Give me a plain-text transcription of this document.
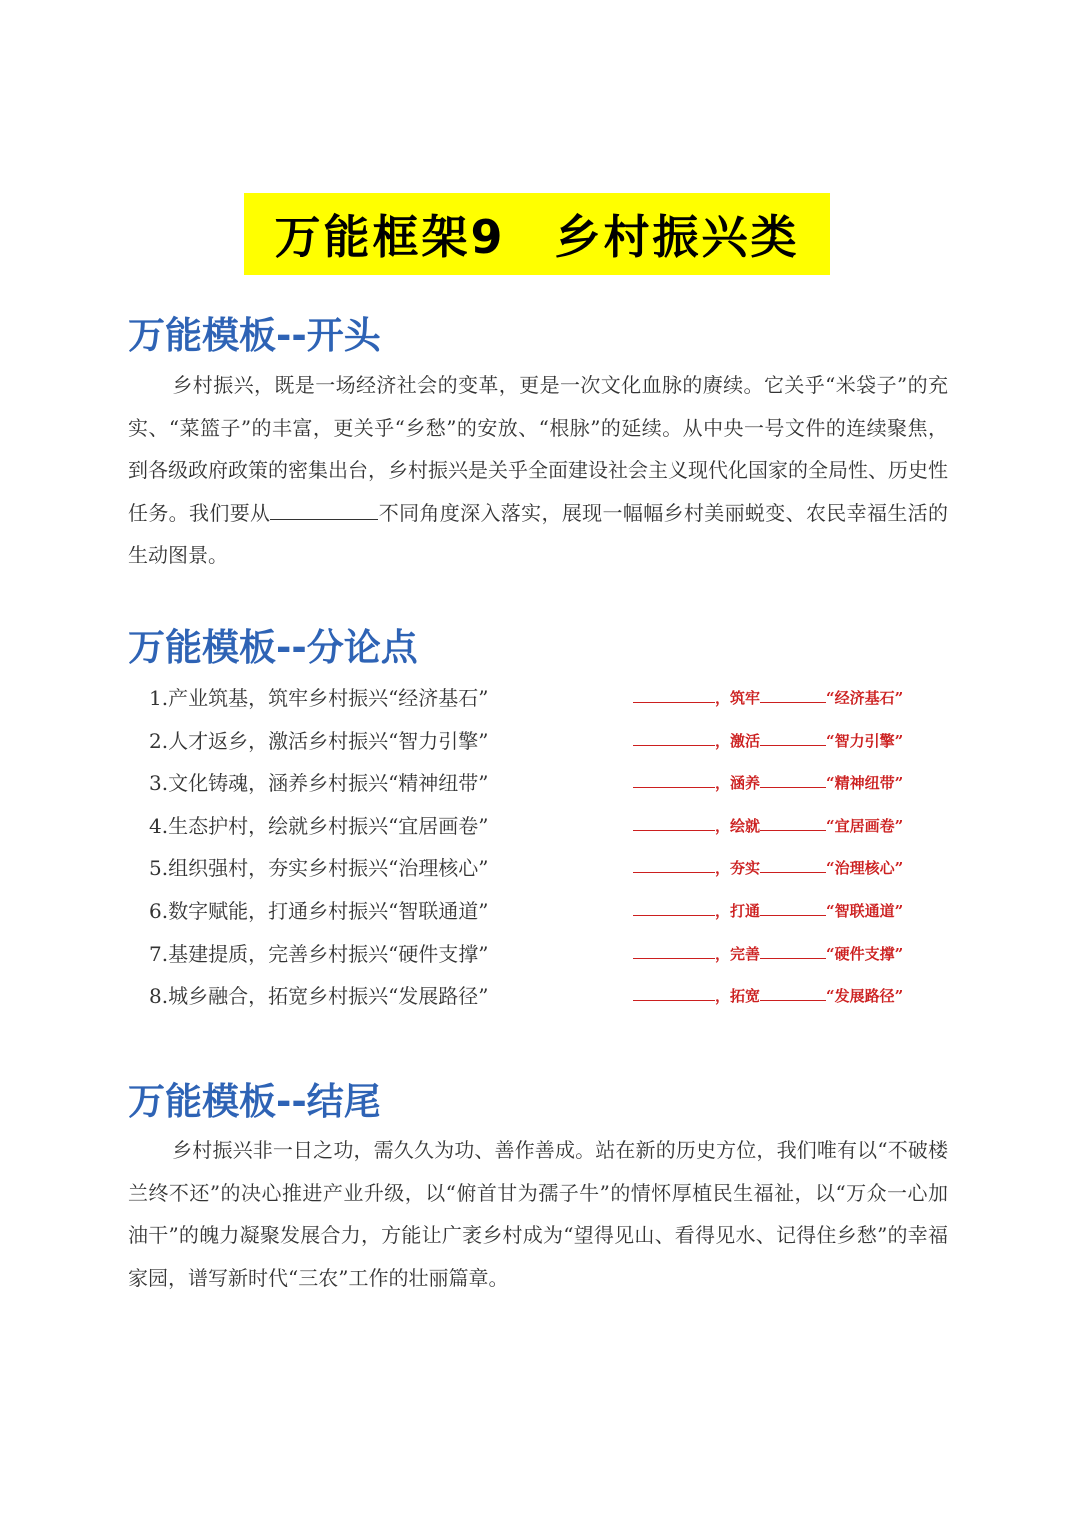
万能框架9　乡村振兴类
万能模板--开头

乡村振兴，既是一场经济社会的变革，更是一次文化血脉的赓续。它关乎“米袋子”的充实、“菜篮子”的丰富，更关乎“乡愁”的安放、“根脉”的延续。从中央一号文件的连续聚焦，到各级政府政策的密集出台，乡村振兴是关乎全面建设社会主义现代化国家的全局性、历史性任务。我们要从	不同角度深入落实，展现一幅幅乡村美丽蜕变、农民幸福生活的生动图景。

万能模板--分论点
1.产业筑基，筑牢乡村振兴“经济基石”	，筑牢	“经济基石”
2.人才返乡，激活乡村振兴“智力引擎”	，激活	“智力引擎”
3.文化铸魂，涵养乡村振兴“精神纽带”	，涵养	“精神纽带”
4.生态护村，绘就乡村振兴“宜居画卷”	，绘就	“宜居画卷”
5.组织强村，夯实乡村振兴“治理核心”	，夯实	“治理核心”
6.数字赋能，打通乡村振兴“智联通道”	，打通	“智联通道”
7.基建提质，完善乡村振兴“硬件支撑”	，完善	“硬件支撑”
8.城乡融合，拓宽乡村振兴“发展路径”	，拓宽	“发展路径”
万能模板--结尾

乡村振兴非一日之功，需久久为功、善作善成。站在新的历史方位，我们唯有以“不破楼兰终不还”的决心推进产业升级，以“俯首甘为孺子牛”的情怀厚植民生福祉，以“万众一心加油干”的魄力凝聚发展合力，方能让广袤乡村成为“望得见山、看得见水、记得住乡愁”的幸福家园，谱写新时代“三农”工作的壮丽篇章。
